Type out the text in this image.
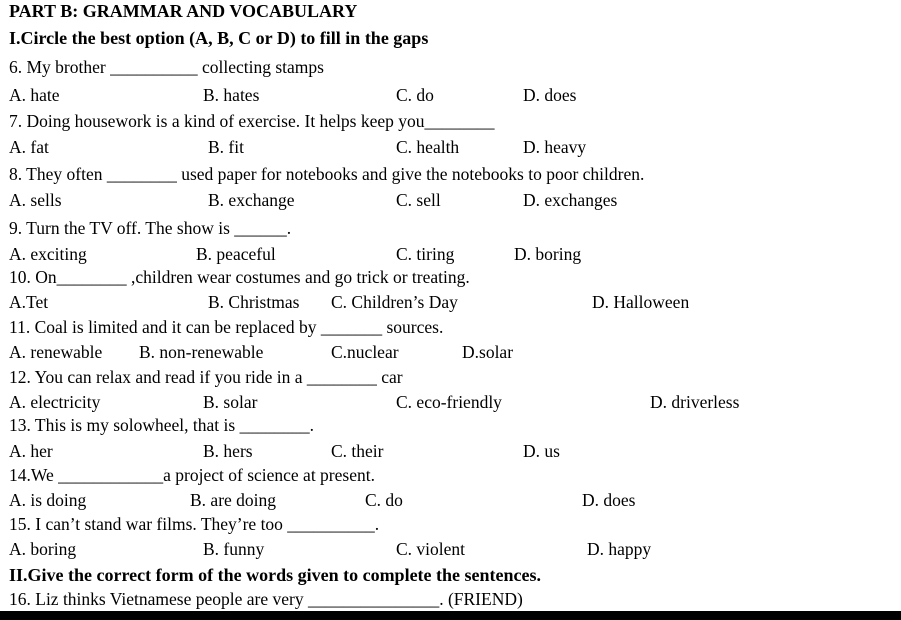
PART B: GRAMMAR AND VOCABULARY
I.Circle the best option (A, B, C or D) to fill in the gaps
6. My brother __________ collecting stamps
A. hate	B. hates	C. do	D. does
7. Doing housework is a kind of exercise. It helps keep you________
A. fat	B. fit	C. health	D. heavy
8. They often ________ used paper for notebooks and give the notebooks to poor children.
A. sells	B. exchange	C. sell	D. exchanges
9. Turn the TV off. The show is ______.
A. exciting	B. peaceful	C. tiring	D. boring
10. On________ ,children wear costumes and go trick or treating.
A.Tet	B. Christmas C. Children’s Day	D. Halloween
11. Coal is limited and it can be replaced by _______ sources.
A. renewable B. non-renewable	C.nuclear	D.solar
12. You can relax and read if you ride in a ________ car
A. electricity	B. solar	C. eco-friendly	D. driverless
13. This is my solowheel, that is ________.
A. her	B. hers	C. their	D. us
14.We ____________a project of science at present.
A. is doing	B. are doing	C. do	D. does
15. I can’t stand war films. They’re too __________.
A. boring	B. funny	C. violent	D. happy
II.Give the correct form of the words given to complete the sentences.
16. Liz thinks Vietnamese people are very _______________. (FRIEND)
